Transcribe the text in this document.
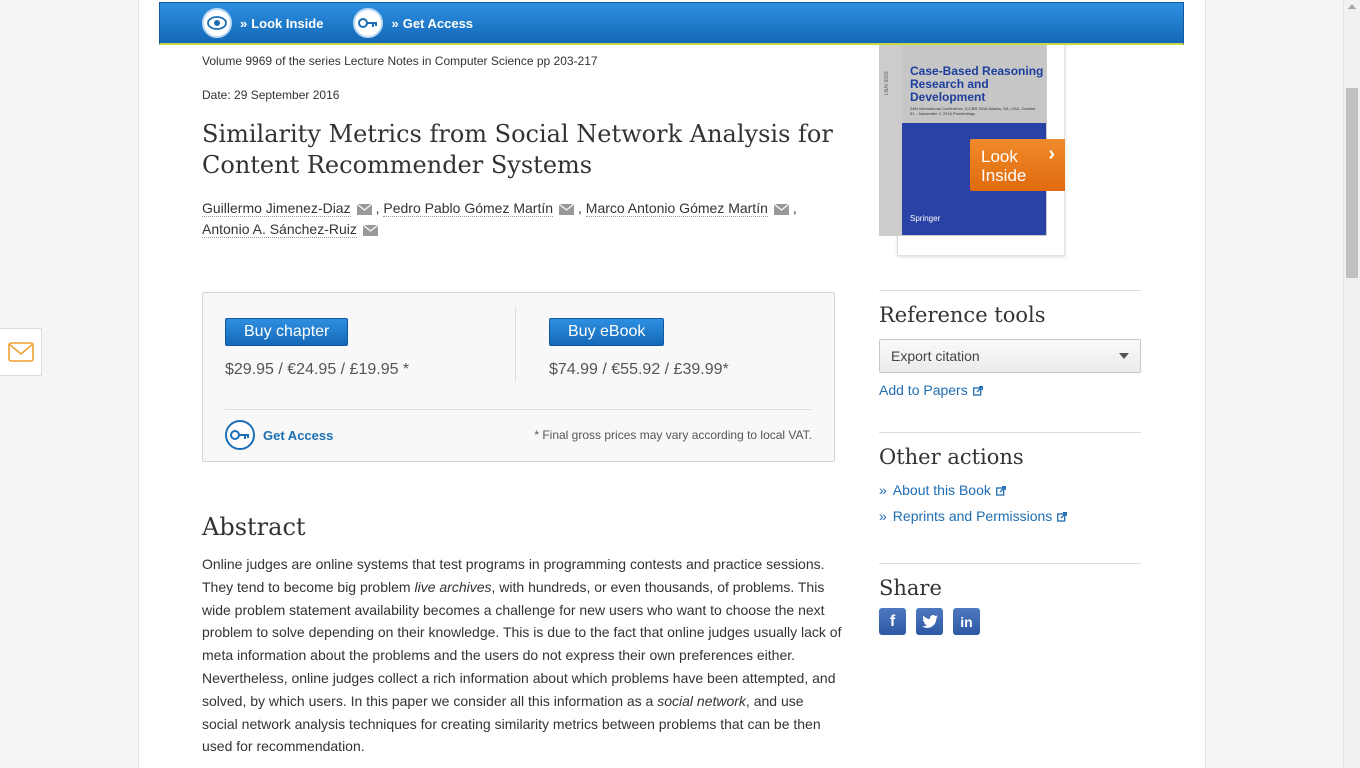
» Look Inside	» Get Access
Volume 9969 of the series Lecture Notes in Computer Science pp 203-217
Date: 29 September 2016
Similarity Metrics from Social Network Analysis for Content Recommender Systems
Guillermo Jimenez-Diaz , Pedro Pablo Gómez Martín , Marco Antonio Gómez Martín ,
Antonio A. Sánchez-Ruiz
Buy chapter
$29.95 / €24.95 / £19.95 *
Buy eBook
$74.99 / €55.92 / £39.99*
Get Access	* Final gross prices may vary according to local VAT.
Abstract

Online judges are online systems that test programs in programming contests and practice sessions. They tend to become big problem live archives, with hundreds, or even thousands, of problems. This wide problem statement availability becomes a challenge for new users who want to choose the next problem to solve depending on their knowledge. This is due to the fact that online judges usually lack of meta information about the problems and the users do not express their own preferences either. Nevertheless, online judges collect a rich information about which problems have been attempted, and solved, by which users. In this paper we consider all this information as a social network, and use social network analysis techniques for creating similarity metrics between problems that can be then used for recommendation.

LNAI 9969
Case-Based Reasoning Research and Development
24th International Conference, ICCBR 2016 Atlanta, GA, USA, October 31 – November 2, 2016 Proceedings
Springer
Look Inside
›
Reference tools
Export citation
Add to Papers
Other actions
» About this Book
» Reprints and Permissions
Share
f	in
